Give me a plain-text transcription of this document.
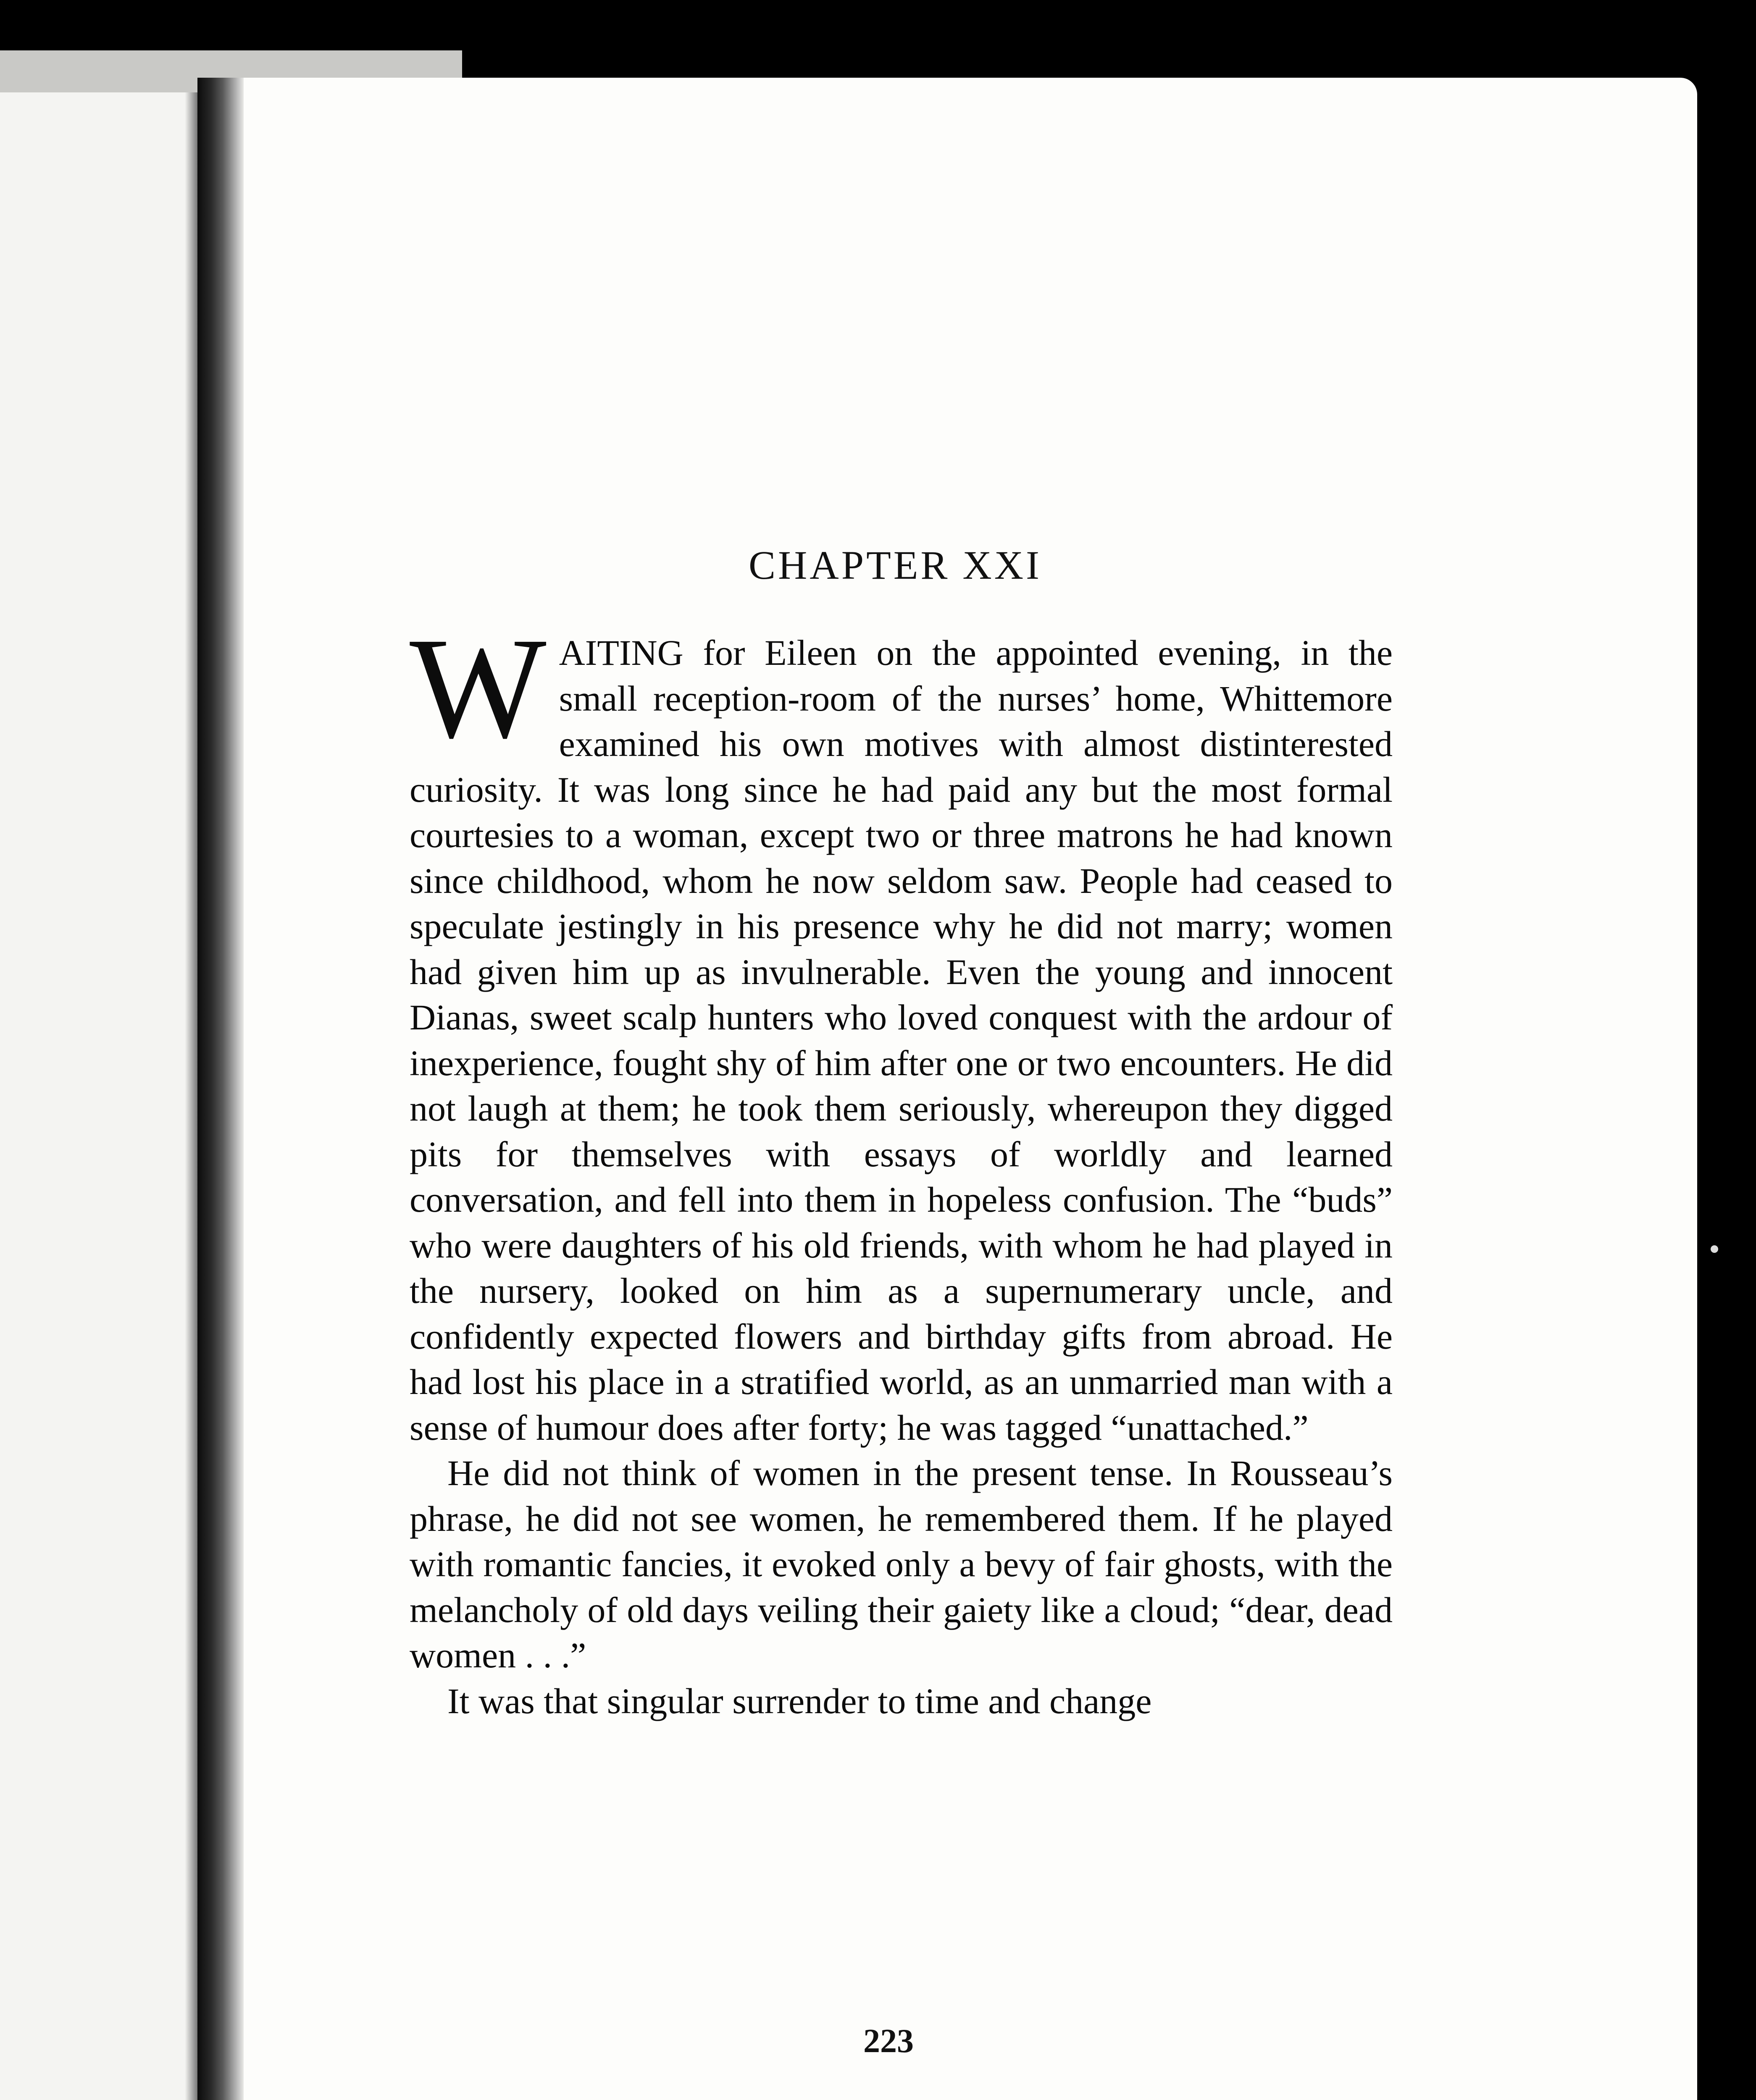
CHAPTER XXI

WAITING for Eileen on the appointed evening, in the small reception-room of the nurses’ home, Whittemore examined his own motives with almost distinterested curiosity. It was long since he had paid any but the most formal courtesies to a woman, except two or three matrons he had known since childhood, whom he now seldom saw. People had ceased to speculate jestingly in his presence why he did not marry; women had given him up as invulnerable. Even the young and innocent Dianas, sweet scalp hunters who loved conquest with the ardour of inexperience, fought shy of him after one or two encounters. He did not laugh at them; he took them seriously, whereupon they digged pits for themselves with essays of worldly and learned conversation, and fell into them in hopeless confusion. The “buds” who were daughters of his old friends, with whom he had played in the nursery, looked on him as a supernumerary uncle, and confidently expected flowers and birthday gifts from abroad. He had lost his place in a stratified world, as an unmarried man with a sense of humour does after forty; he was tagged “unattached.”

He did not think of women in the present tense. In Rousseau’s phrase, he did not see women, he remembered them. If he played with romantic fancies, it evoked only a bevy of fair ghosts, with the melancholy of old days veiling their gaiety like a cloud; “dear, dead women . . .”

It was that singular surrender to time and change

223
